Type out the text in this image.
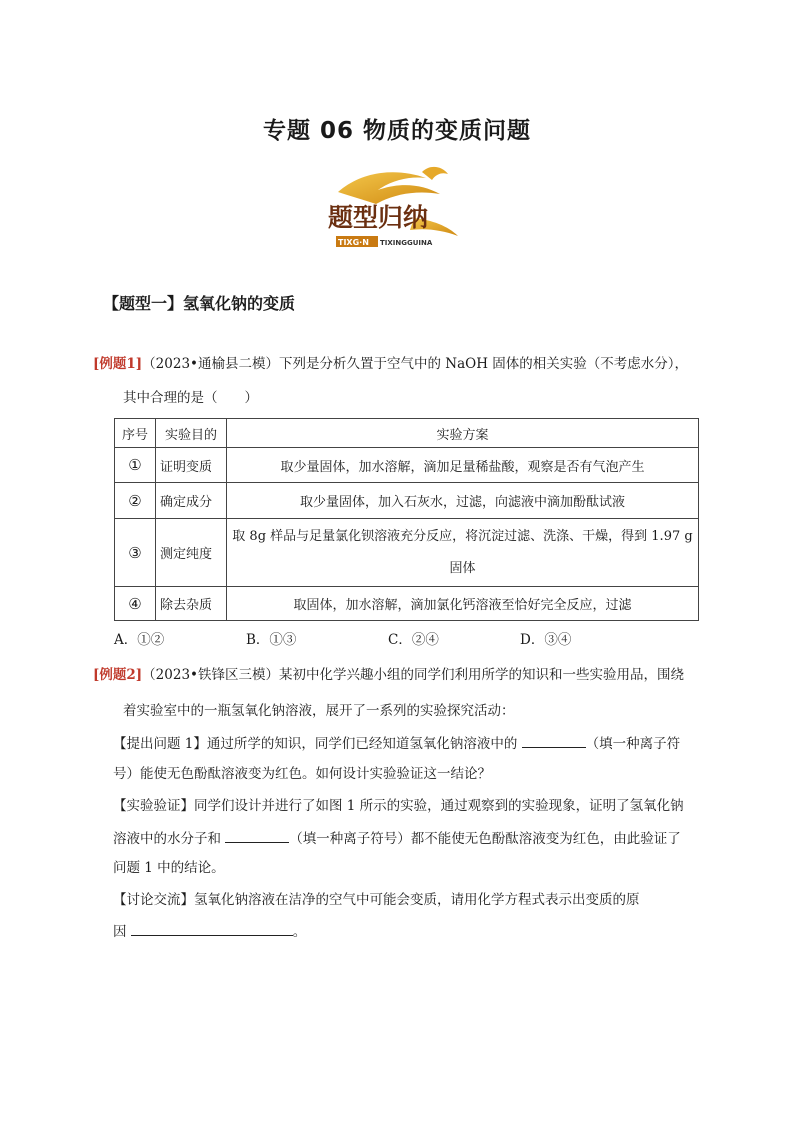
专题 06 物质的变质问题
题型归纳
TIXG·N TIXINGGUINA
【题型一】氢氧化钠的变质
[例题1]（2023•通榆县二模）下列是分析久置于空气中的 NaOH 固体的相关实验（不考虑水分），
其中合理的是（　　）
序号	实验目的	实验方案
①	证明变质	取少量固体，加水溶解，滴加足量稀盐酸，观察是否有气泡产生
②	确定成分	取少量固体，加入石灰水，过滤，向滤液中滴加酚酞试液
③	测定纯度	取 8g 样品与足量氯化钡溶液充分反应，将沉淀过滤、洗涤、干燥，得到 1.97 g 固体
④	除去杂质	取固体，加水溶解，滴加氯化钙溶液至恰好完全反应，过滤
A．①②	B．①③	C．②④	D．③④
[例题2]（2023•铁锋区三模）某初中化学兴趣小组的同学们利用所学的知识和一些实验用品，围绕
着实验室中的一瓶氢氧化钠溶液，展开了一系列的实验探究活动：
【提出问题 1】通过所学的知识，同学们已经知道氢氧化钠溶液中的	（填一种离子符
号）能使无色酚酞溶液变为红色。如何设计实验验证这一结论？
【实验验证】同学们设计并进行了如图 1 所示的实验，通过观察到的实验现象，证明了氢氧化钠
溶液中的水分子和	（填一种离子符号）都不能使无色酚酞溶液变为红色，由此验证了
问题 1 中的结论。
【讨论交流】氢氧化钠溶液在洁净的空气中可能会变质，请用化学方程式表示出变质的原
因	。
